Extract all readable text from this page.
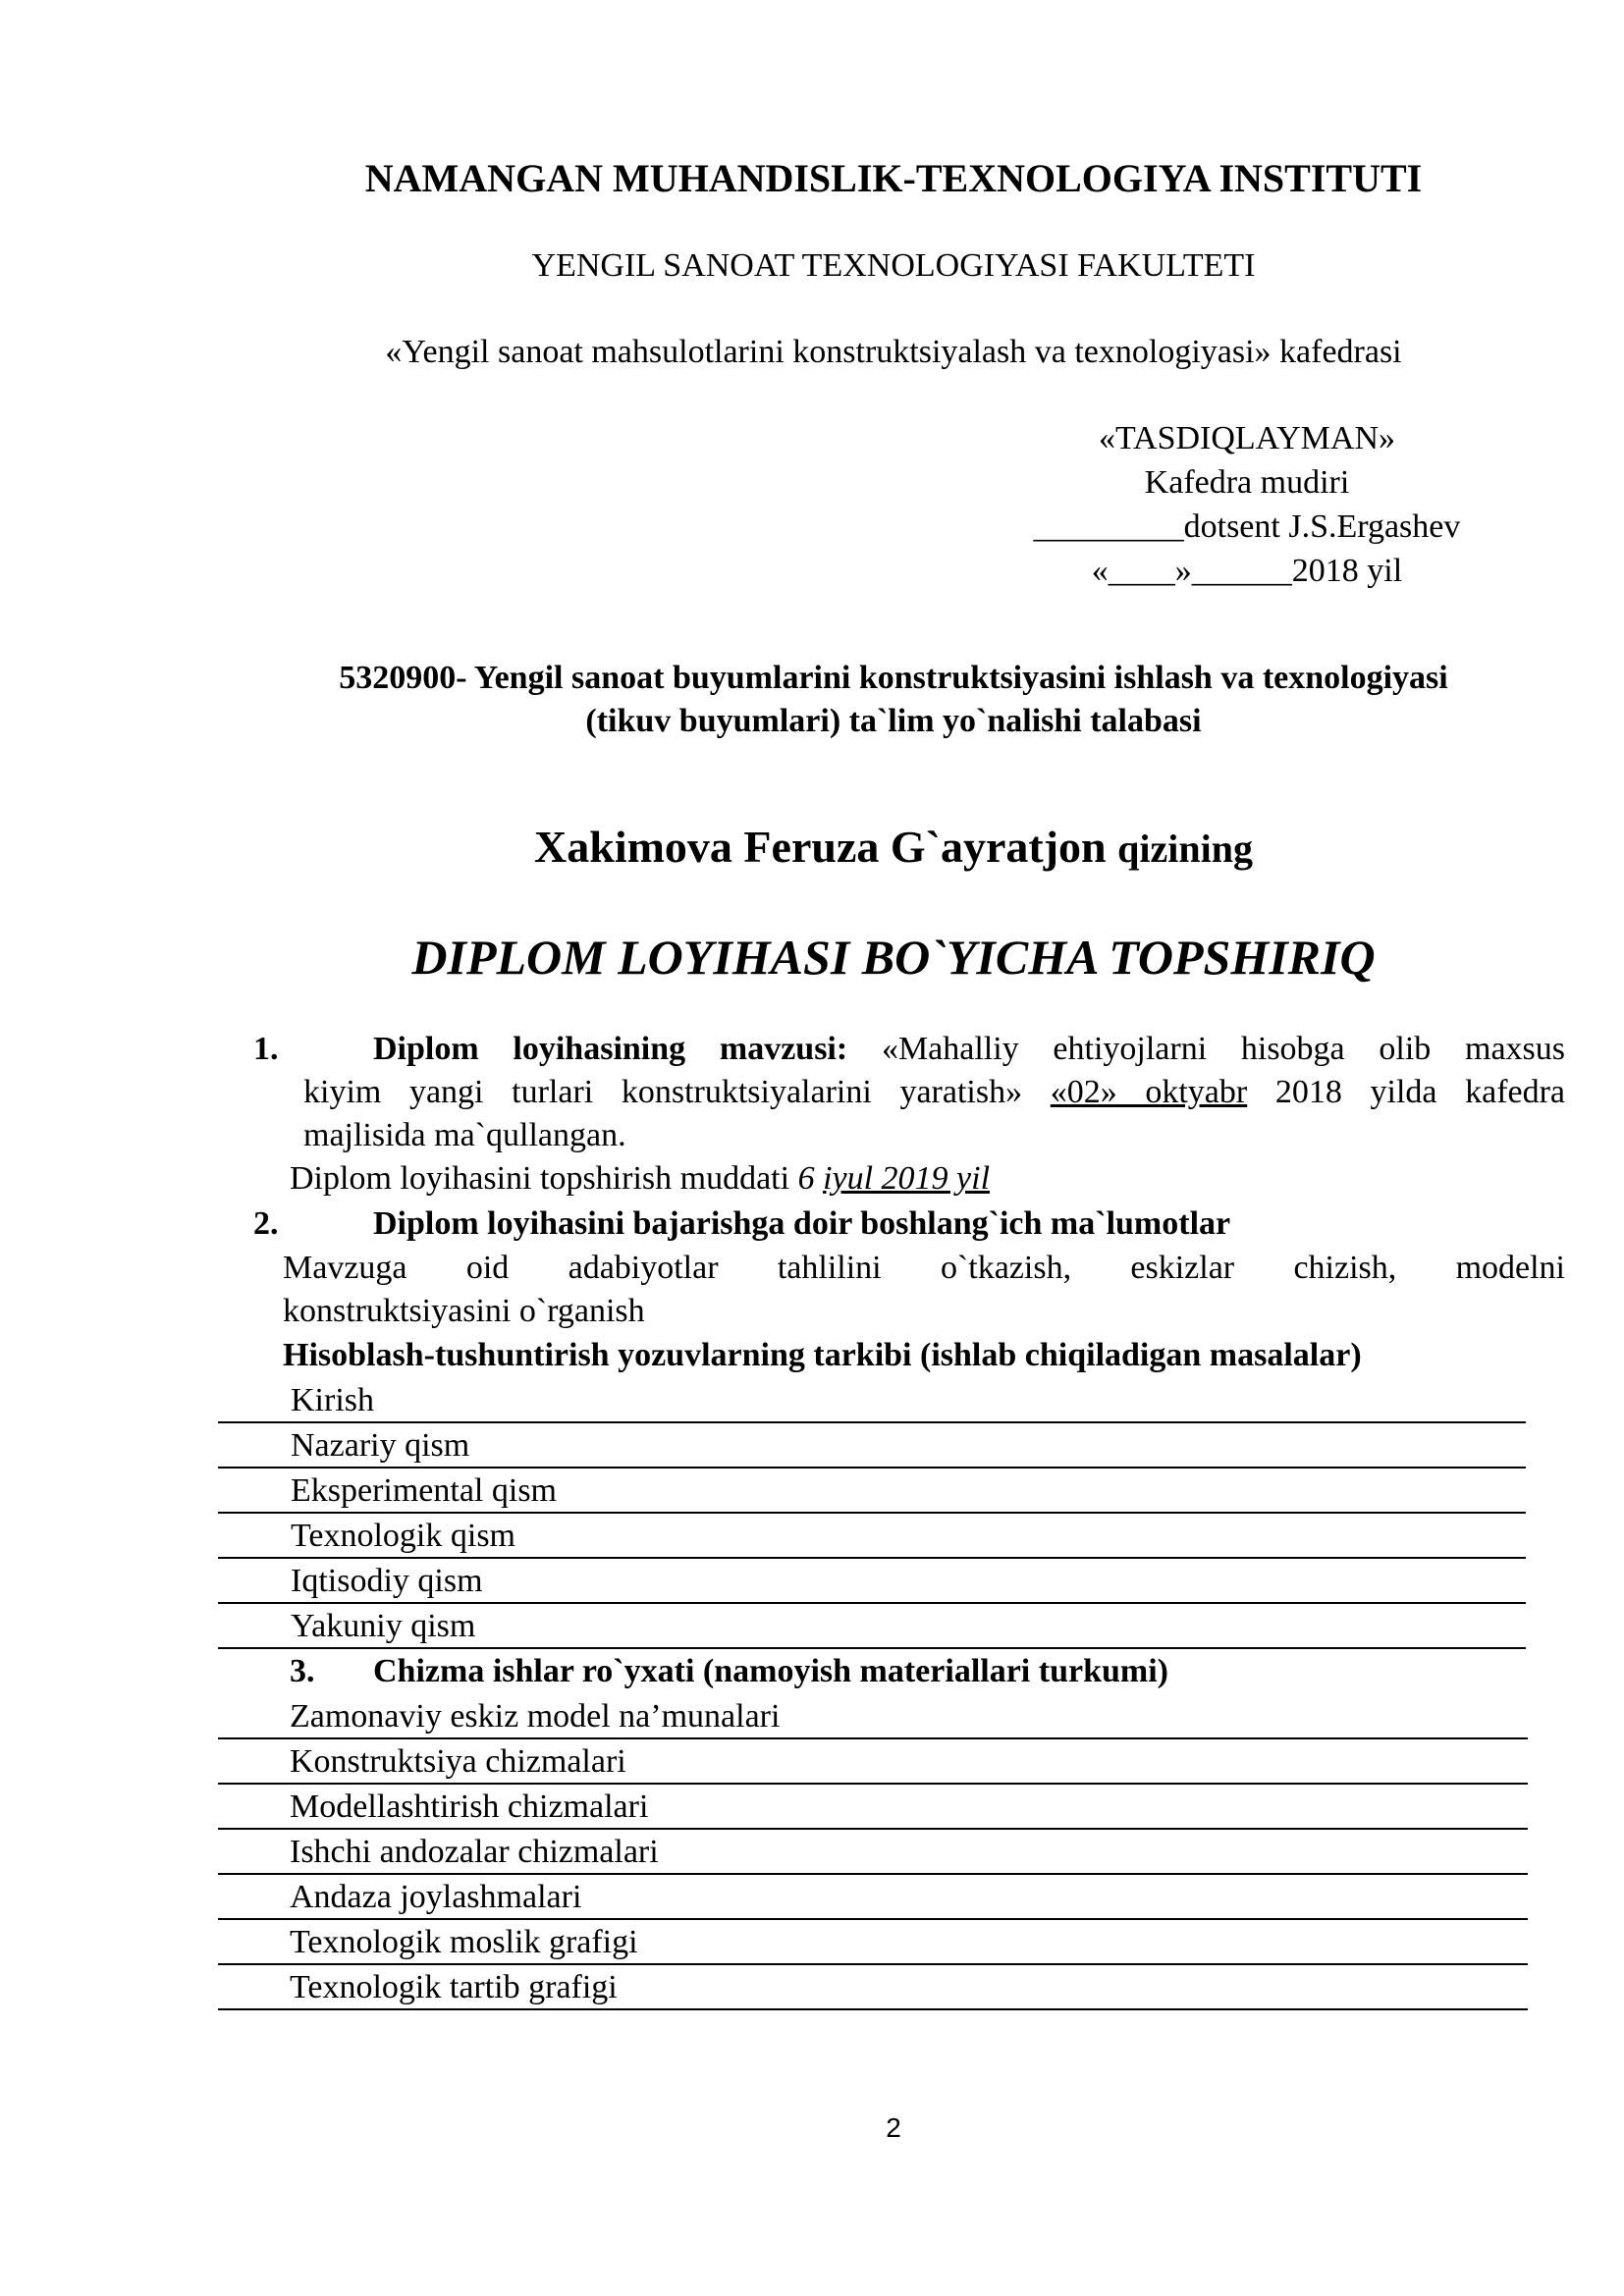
NAMANGAN MUHANDISLIK-TEXNOLOGIYA INSTITUTI
YENGIL SANOAT TEXNOLOGIYASI FAKULTETI
«Yengil sanoat mahsulotlarini konstruktsiyalash va texnologiyasi» kafedrasi
«TASDIQLAYMAN»
Kafedra mudiri
_________dotsent J.S.Ergashev
«____»______2018 yil
5320900- Yengil sanoat buyumlarini konstruktsiyasini ishlash va texnologiyasi
(tikuv buyumlari) ta`lim yo`nalishi talabasi
Xakimova Feruza G`ayratjon qizining
DIPLOM LOYIHASI BO`YICHA TOPSHIRIQ
1.	Diplom loyihasining mavzusi: «Mahalliy ehtiyojlarni hisobga olib maxsus
kiyim yangi turlari konstruktsiyalarini yaratish» «02» oktyabr 2018 yilda kafedra
majlisida ma`qullangan.
Diplom loyihasini topshirish muddati 6 iyul 2019 yil
2.	Diplom loyihasini bajarishga doir boshlang`ich ma`lumotlar
Mavzuga oid adabiyotlar tahlilini o`tkazish, eskizlar chizish, modelni
konstruktsiyasini o`rganish
Hisoblash-tushuntirish yozuvlarning tarkibi (ishlab chiqiladigan masalalar)
Kirish
Nazariy qism
Eksperimental qism
Texnologik qism
Iqtisodiy qism
Yakuniy qism
3. Chizma ishlar ro`yxati (namoyish materiallari turkumi)
Zamonaviy eskiz model na’munalari
Konstruktsiya chizmalari
Modellashtirish chizmalari
Ishchi andozalar chizmalari
Andaza joylashmalari
Texnologik moslik grafigi
Texnologik tartib grafigi
2
